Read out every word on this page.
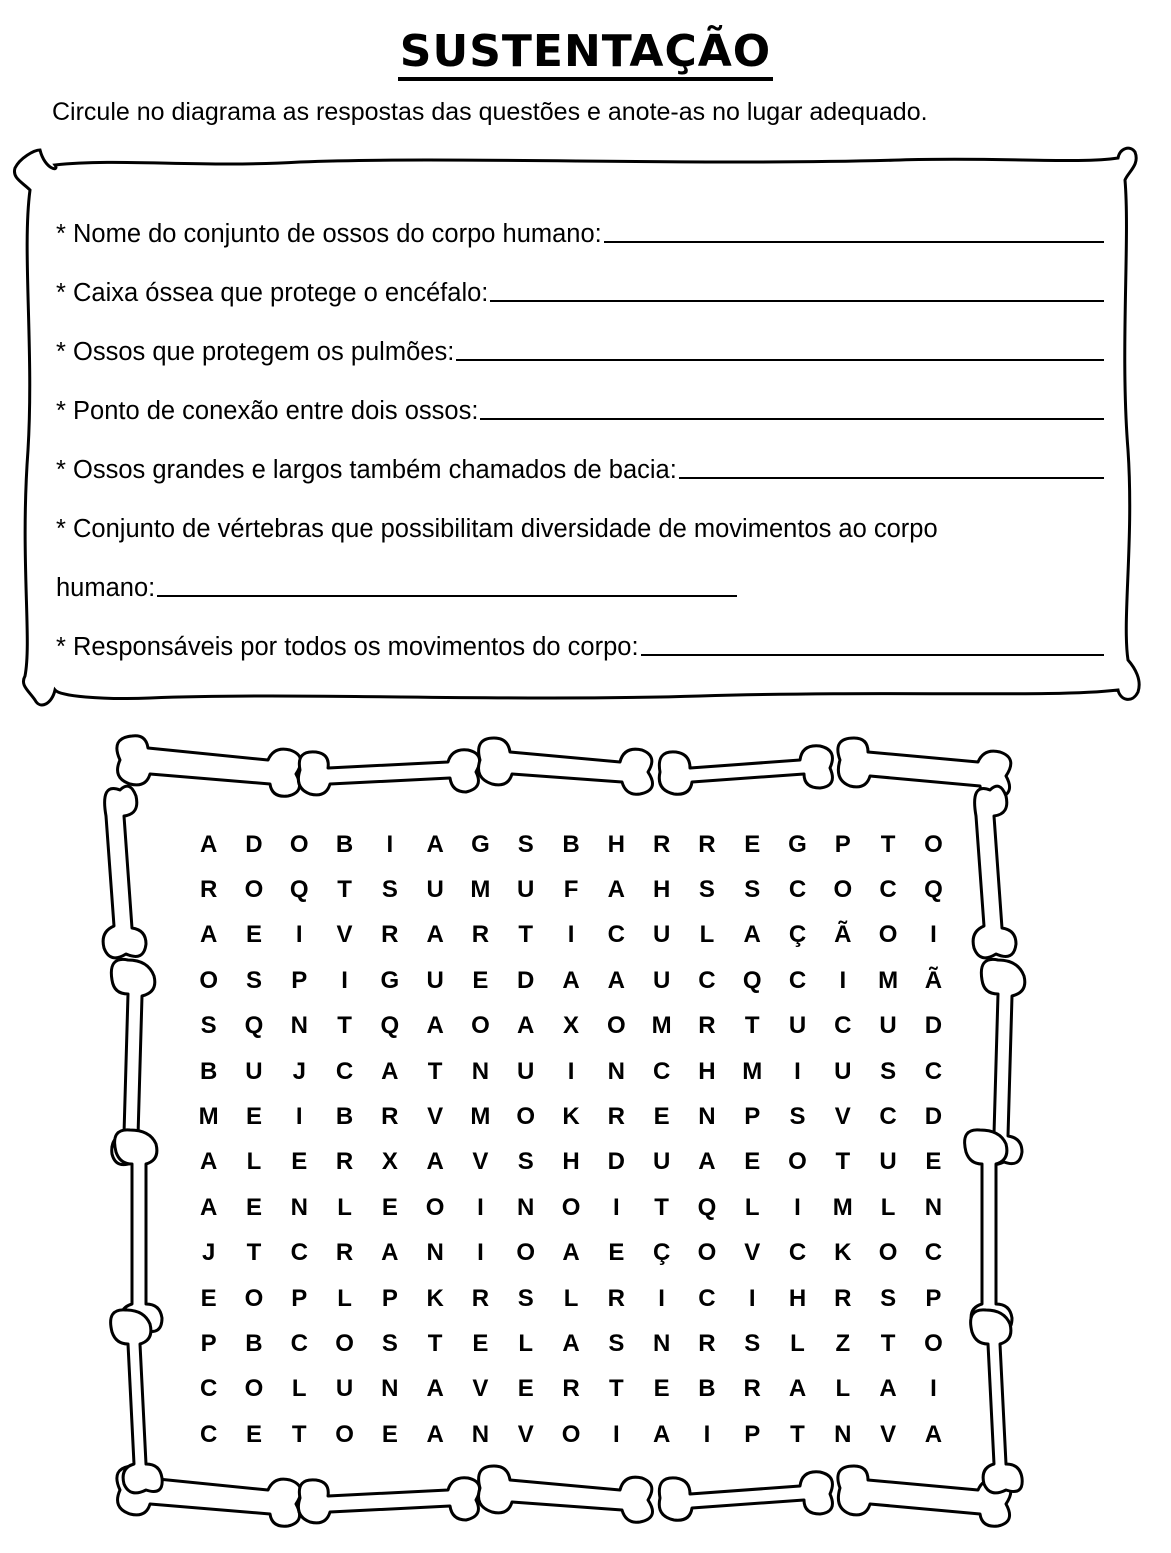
SUSTENTAÇÃO
Circule no diagrama as respostas das questões e anote-as no lugar adequado.
* Nome do conjunto de ossos do corpo humano:
* Caixa óssea que protege o encéfalo:
* Ossos que protegem os pulmões:
* Ponto de conexão entre dois ossos:
* Ossos grandes e largos também chamados de bacia:
* Conjunto de vértebras que possibilitam diversidade de movimentos ao corpo
humano:
* Responsáveis por todos os movimentos do corpo:
A	D	O	B	I	A	G	S	B	H	R	R	E	G	P	T	O
R	O	Q	T	S	U	M	U	F	A	H	S	S	C	O	C	Q
A	E	I	V	R	A	R	T	I	C	U	L	A	Ç	Ã	O	I
O	S	P	I	G	U	E	D	A	A	U	C	Q	C	I	M	Ã
S	Q	N	T	Q	A	O	A	X	O	M	R	T	U	C	U	D
B	U	J	C	A	T	N	U	I	N	C	H	M	I	U	S	C
M	E	I	B	R	V	M	O	K	R	E	N	P	S	V	C	D
A	L	E	R	X	A	V	S	H	D	U	A	E	O	T	U	E
A	E	N	L	E	O	I	N	O	I	T	Q	L	I	M	L	N
J	T	C	R	A	N	I	O	A	E	Ç	O	V	C	K	O	C
E	O	P	L	P	K	R	S	L	R	I	C	I	H	R	S	P
P	B	C	O	S	T	E	L	A	S	N	R	S	L	Z	T	O
C	O	L	U	N	A	V	E	R	T	E	B	R	A	L	A	I
C	E	T	O	E	A	N	V	O	I	A	I	P	T	N	V	A
